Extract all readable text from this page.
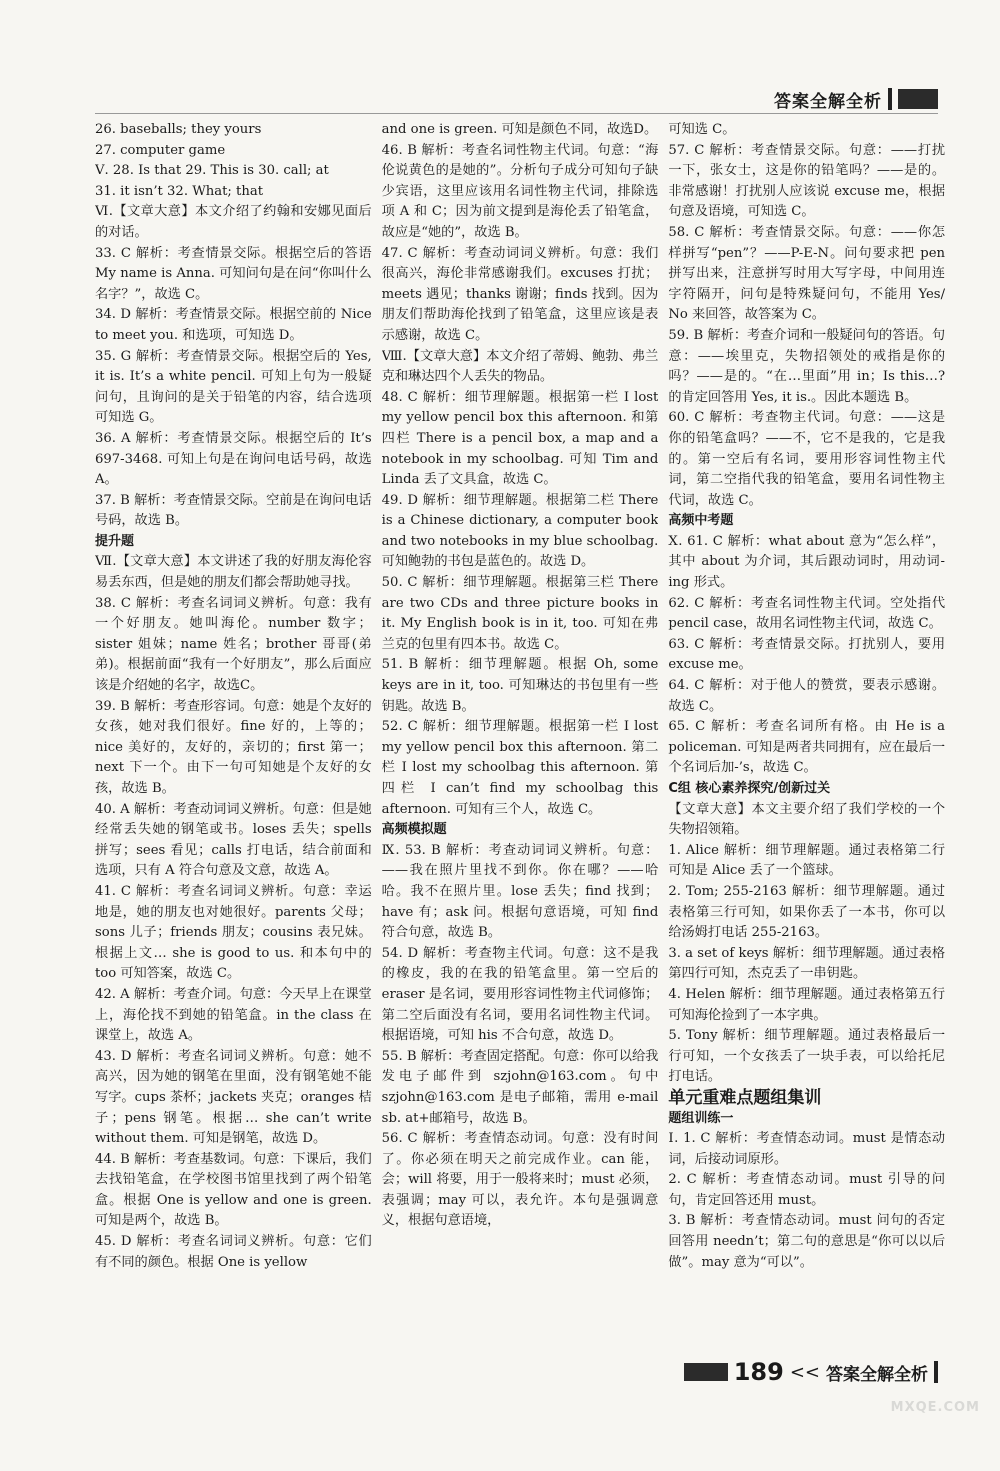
答案全解全析

26. baseballs; they yours

27. computer game

Ⅴ. 28. Is that 29. This is 30. call; at

31. it isn’t 32. What; that

Ⅵ.【文章大意】本文介绍了约翰和安娜见面后的对话。

33. C 解析：考查情景交际。根据空后的答语 My name is Anna. 可知问句是在问“你叫什么名字？”，故选 C。

34. D 解析：考查情景交际。根据空前的 Nice to meet you. 和选项，可知选 D。

35. G 解析：考查情景交际。根据空后的 Yes, it is. It’s a white pencil. 可知上句为一般疑问句，且询问的是关于铅笔的内容，结合选项可知选 G。

36. A 解析：考查情景交际。根据空后的 It’s 697-3468. 可知上句是在询问电话号码，故选 A。

37. B 解析：考查情景交际。空前是在询问电话号码，故选 B。

提升题

Ⅶ.【文章大意】本文讲述了我的好朋友海伦容易丢东西，但是她的朋友们都会帮助她寻找。

38. C 解析：考查名词词义辨析。句意：我有一个好朋友。她叫海伦。number 数字；sister 姐妹；name 姓名；brother 哥哥(弟弟)。根据前面“我有一个好朋友”，那么后面应该是介绍她的名字，故选C。

39. B 解析：考查形容词。句意：她是个友好的女孩，她对我们很好。fine 好的，上等的；nice 美好的，友好的，亲切的；first 第一；next 下一个。由下一句可知她是个友好的女孩，故选 B。

40. A 解析：考查动词词义辨析。句意：但是她经常丢失她的钢笔或书。loses 丢失；spells 拼写；sees 看见；calls 打电话，结合前面和选项，只有 A 符合句意及文意，故选 A。

41. C 解析：考查名词词义辨析。句意：幸运地是，她的朋友也对她很好。parents 父母；sons 儿子；friends 朋友；cousins 表兄妹。根据上文… she is good to us. 和本句中的 too 可知答案，故选 C。

42. A 解析：考查介词。句意：今天早上在课堂上，海伦找不到她的铅笔盒。in the class 在课堂上，故选 A。

43. D 解析：考查名词词义辨析。句意：她不高兴，因为她的钢笔在里面，没有钢笔她不能写字。cups 茶杯；jackets 夹克；oranges 桔子；pens 钢笔。根据… she can’t write without them. 可知是钢笔，故选 D。

44. B 解析：考查基数词。句意：下课后，我们去找铅笔盒，在学校图书馆里找到了两个铅笔盒。根据 One is yellow and one is green. 可知是两个，故选 B。

45. D 解析：考查名词词义辨析。句意：它们有不同的颜色。根据 One is yellow

and one is green. 可知是颜色不同，故选D。

46. B 解析：考查名词性物主代词。句意：“海伦说黄色的是她的”。分析句子成分可知句子缺少宾语，这里应该用名词性物主代词，排除选项 A 和 C；因为前文提到是海伦丢了铅笔盒，故应是“她的”，故选 B。

47. C 解析：考查动词词义辨析。句意：我们很高兴，海伦非常感谢我们。excuses 打扰；meets 遇见；thanks 谢谢；finds 找到。因为朋友们帮助海伦找到了铅笔盒，这里应该是表示感谢，故选 C。

Ⅷ.【文章大意】本文介绍了蒂姆、鲍勃、弗兰克和琳达四个人丢失的物品。

48. C 解析：细节理解题。根据第一栏 I lost my yellow pencil box this afternoon. 和第四栏 There is a pencil box, a map and a notebook in my schoolbag. 可知 Tim and Linda 丢了文具盒，故选 C。

49. D 解析：细节理解题。根据第二栏 There is a Chinese dictionary, a computer book and two notebooks in my blue schoolbag. 可知鲍勃的书包是蓝色的。故选 D。

50. C 解析：细节理解题。根据第三栏 There are two CDs and three picture books in it. My English book is in it, too. 可知在弗兰克的包里有四本书。故选 C。

51. B 解析：细节理解题。根据 Oh, some keys are in it, too. 可知琳达的书包里有一些钥匙。故选 B。

52. C 解析：细节理解题。根据第一栏 I lost my yellow pencil box this afternoon. 第二栏 I lost my schoolbag this afternoon. 第四栏 I can’t find my schoolbag this afternoon. 可知有三个人，故选 C。

高频模拟题

Ⅸ. 53. B 解析：考查动词词义辨析。句意：——我在照片里找不到你。你在哪？——哈哈。我不在照片里。lose 丢失；find 找到；have 有；ask 问。根据句意语境，可知 find 符合句意，故选 B。

54. D 解析：考查物主代词。句意：这不是我的橡皮，我的在我的铅笔盒里。第一空后的eraser 是名词，要用形容词性物主代词修饰；第二空后面没有名词，要用名词性物主代词。根据语境，可知 his 不合句意，故选 D。

55. B 解析：考查固定搭配。句意：你可以给我发电子邮件到 szjohn@163.com。句中 szjohn@163.com 是电子邮箱，需用 e-mail sb. at+邮箱号，故选 B。

56. C 解析：考查情态动词。句意：没有时间了。你必须在明天之前完成作业。can 能，会；will 将要，用于一般将来时；must 必须，表强调；may 可以，表允许。本句是强调意义，根据句意语境，

可知选 C。

57. C 解析：考查情景交际。句意：——打扰一下，张女士，这是你的铅笔吗？——是的。非常感谢！打扰别人应该说 excuse me，根据句意及语境，可知选 C。

58. C 解析：考查情景交际。句意：——你怎样拼写“pen”？——P-E-N。问句要求把 pen 拼写出来，注意拼写时用大写字母，中间用连字符隔开，问句是特殊疑问句，不能用 Yes/ No 来回答，故答案为 C。

59. B 解析：考查介词和一般疑问句的答语。句意：——埃里克，失物招领处的戒指是你的吗？——是的。“在…里面”用 in；Is this…? 的肯定回答用 Yes, it is.。因此本题选 B。

60. C 解析：考查物主代词。句意：——这是你的铅笔盒吗？——不，它不是我的，它是我的。第一空后有名词，要用形容词性物主代词，第二空指代我的铅笔盒，要用名词性物主代词，故选 C。

高频中考题

Ⅹ. 61. C 解析：what about 意为“怎么样”，其中 about 为介词，其后跟动词时，用动词-ing 形式。

62. C 解析：考查名词性物主代词。空处指代 pencil case，故用名词性物主代词，故选 C。

63. C 解析：考查情景交际。打扰别人，要用 excuse me。

64. C 解析：对于他人的赞赏，要表示感谢。故选 C。

65. C 解析：考查名词所有格。由 He is a policeman. 可知是两者共同拥有，应在最后一个名词后加-’s，故选 C。

C组 核心素养探究/创新过关

【文章大意】本文主要介绍了我们学校的一个失物招领箱。

1. Alice 解析：细节理解题。通过表格第二行可知是 Alice 丢了一个篮球。

2. Tom; 255-2163 解析：细节理解题。通过表格第三行可知，如果你丢了一本书，你可以给汤姆打电话 255-2163。

3. a set of keys 解析：细节理解题。通过表格第四行可知，杰克丢了一串钥匙。

4. Helen 解析：细节理解题。通过表格第五行可知海伦捡到了一本字典。

5. Tony 解析：细节理解题。通过表格最后一行可知，一个女孩丢了一块手表，可以给托尼打电话。

单元重难点题组集训

题组训练一

Ⅰ. 1. C 解析：考查情态动词。must 是情态动词，后接动词原形。

2. C 解析：考查情态动词。must 引导的问句，肯定回答还用 must。

3. B 解析：考查情态动词。must 问句的否定回答用 needn’t；第二句的意思是“你可以以后做”。may 意为“可以”。

189 << 答案全解全析
MXQE.COM
